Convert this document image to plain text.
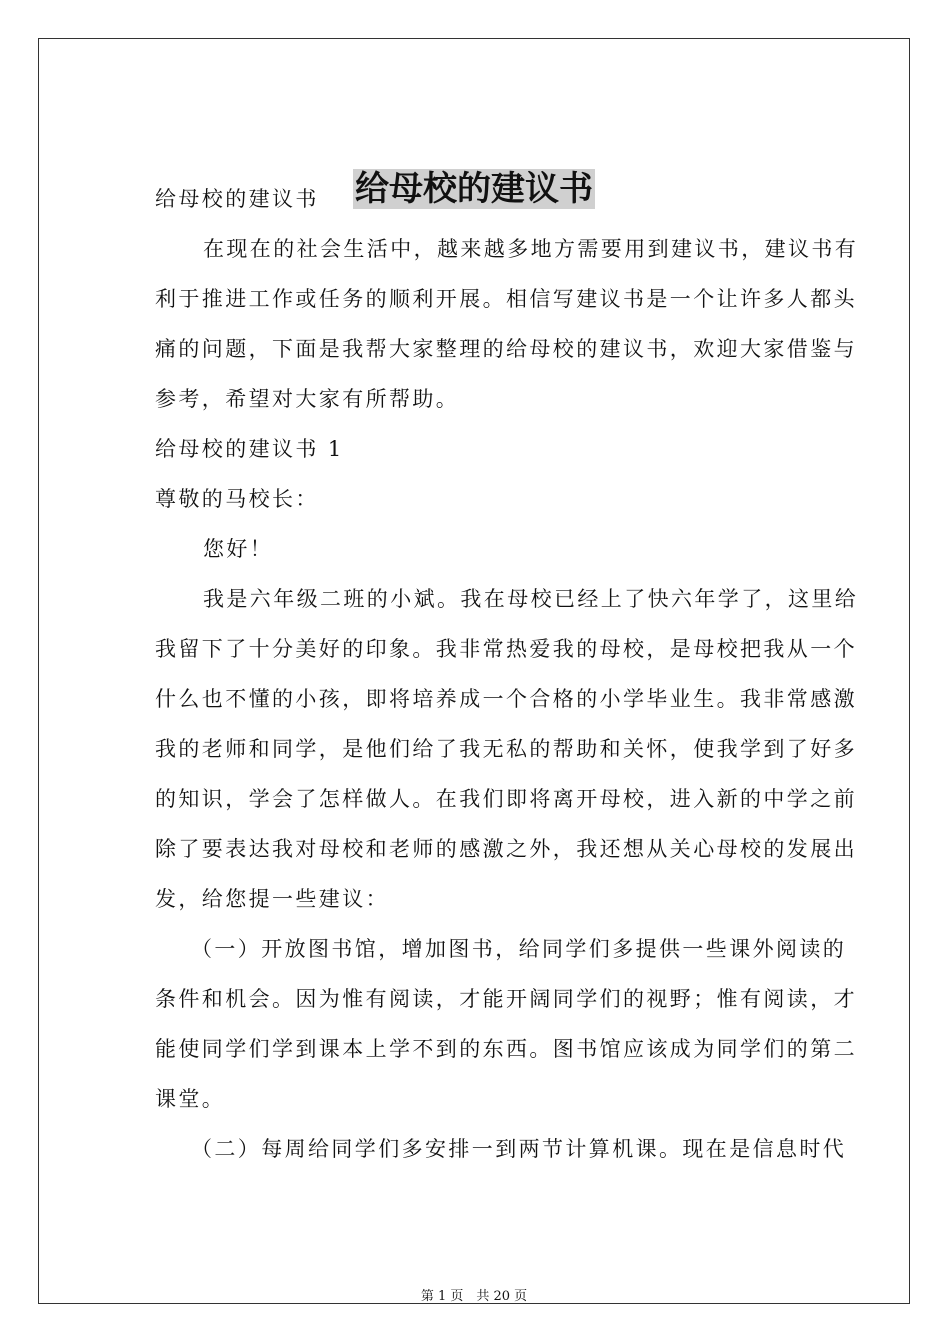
给母校的建议书
给母校的建议书
在现在的社会生活中，越来越多地方需要用到建议书，建议书有
利于推进工作或任务的顺利开展。相信写建议书是一个让许多人都头
痛的问题，下面是我帮大家整理的给母校的建议书，欢迎大家借鉴与
参考，希望对大家有所帮助。
给母校的建议书 1
尊敬的马校长：
您好！
我是六年级二班的小斌。我在母校已经上了快六年学了，这里给
我留下了十分美好的印象。我非常热爱我的母校，是母校把我从一个
什么也不懂的小孩，即将培养成一个合格的小学毕业生。我非常感激
我的老师和同学，是他们给了我无私的帮助和关怀，使我学到了好多
的知识，学会了怎样做人。在我们即将离开母校，进入新的中学之前
除了要表达我对母校和老师的感激之外，我还想从关心母校的发展出
发，给您提一些建议：
（一）开放图书馆，增加图书，给同学们多提供一些课外阅读的
条件和机会。因为惟有阅读，才能开阔同学们的视野；惟有阅读，才
能使同学们学到课本上学不到的东西。图书馆应该成为同学们的第二
课堂。
（二）每周给同学们多安排一到两节计算机课。现在是信息时代
第 1 页　共 20 页
